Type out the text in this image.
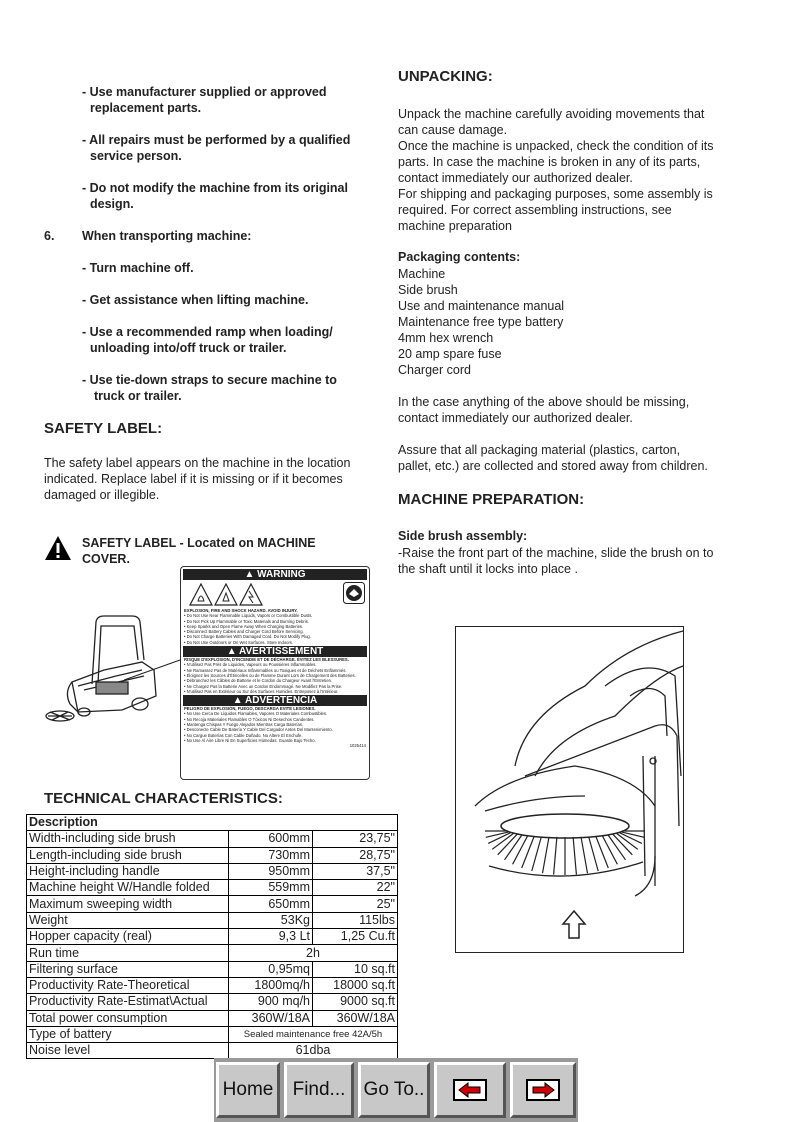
- Use manufacturer supplied or approved
replacement parts.
- All repairs must be performed by a qualified
service person.
- Do not modify the machine from its original
design.
6. When transporting machine:
- Turn machine off.
- Get assistance when lifting machine.
- Use a recommended ramp when loading/
unloading into/off truck or trailer.
- Use tie-down straps to secure machine to
truck or trailer.
SAFETY LABEL:
The safety label appears on the machine in the location
indicated. Replace label if it is missing or if it becomes
damaged or illegible.
SAFETY LABEL - Located on MACHINE
COVER.
▲ WARNING
EXPLOSION, FIRE AND SHOCK HAZARD. AVOID INJURY.
• Do Not Use Near Flammable Liquids, Vapors or Combustible Dusts.
• Do Not Pick Up Flammable or Toxic Materials and Burning Debris.
• Keep Sparks and Open Flame Away When Charging Batteries.
• Disconnect Battery Cables and Charger Cord Before Servicing.
• Do Not Charge Batteries With Damaged Cord. Do Not Modify Plug.
• Do Not Use Outdoors or On Wet Surfaces. Store Indoors.
▲ AVERTISSEMENT
RISQUE D'EXPLOSION, D'INCENDIE ET DE DÉCHARGE. ÉVITEZ LES BLESSURES.
• N'utilisez Pas Près de Liquides, Vapeurs ou Poussières Inflammables.
• Ne Ramassez Pas de Matériaux Inflammables ou Toxiques et de Déchets Enflammés.
• Éloignez les Sources d'Étincelles ou de Flamme Durant Lors de Chargement des Batteries.
• Débranchez les Câbles de Batterie et le Cordon du Chargeur Avant l'Entretien.
• Ne Chargez Pas la Batterie Avec un Cordon Endommagé. Ne Modifiez Pas la Prise.
• N'utilisez Pas en Extérieur ou Sur des Surfaces Humides. Entreposez à l'Intérieur.
▲ ADVERTENCIA
PELIGRO DE EXPLOSIÓN, FUEGO, DESCARGA EVITE LESIONES.
• No Use Cerca De Líquidos Flamables, Vapores O Materiales Combustibles.
• No Recoja Materiales Flamables O Tóxicos Ni Desechos Candentes.
• Mantenga Chispas Y Fuego Alejados Mientras Carga Baterías.
• Desconecte Cable De Batería Y Cable Del Cargador Antes Del Mantenimiento.
• No Cargue Baterías Con Cable Dañado. No Altere El Enchufe.
• No Use Al Aire Libre Ni En Superficies Húmedas. Guarde Bajo Techo.
1025414
TECHNICAL CHARACTERISTICS:
Description		
Width-including side brush	600mm	23,75"
Length-including side brush	730mm	28,75"
Height-including handle	950mm	37,5"
Machine height W/Handle folded	559mm	22"
Maximum sweeping width	650mm	25"
Weight	53Kg	115lbs
Hopper capacity (real)	9,3 Lt	1,25 Cu.ft
Run time	2h	
Filtering surface	0,95mq	10 sq.ft
Productivity Rate-Theoretical	1800mq/h	18000 sq.ft
Productivity Rate-Estimat\Actual	900 mq/h	9000 sq.ft
Total power consumption	360W/18A	360W/18A
Type of battery	Sealed maintenance free 42A/5h	
Noise level	61dba	
UNPACKING:
Unpack the machine carefully avoiding movements that
can cause damage.
Once the machine is unpacked, check the condition of its
parts. In case the machine is broken in any of its parts,
contact immediately our authorized dealer.
For shipping and packaging purposes, some assembly is
required. For correct assembling instructions, see
machine preparation
Packaging contents:
Machine
Side brush
Use and maintenance manual
Maintenance free type battery
4mm hex wrench
20 amp spare fuse
Charger cord
In the case anything of the above should be missing,
contact immediately our authorized dealer.
Assure that all packaging material (plastics, carton,
pallet, etc.) are collected and stored away from children.
MACHINE PREPARATION:
Side brush assembly:
-Raise the front part of the machine, slide the brush on to
the shaft until it locks into place .
Home	Find... Go To..
